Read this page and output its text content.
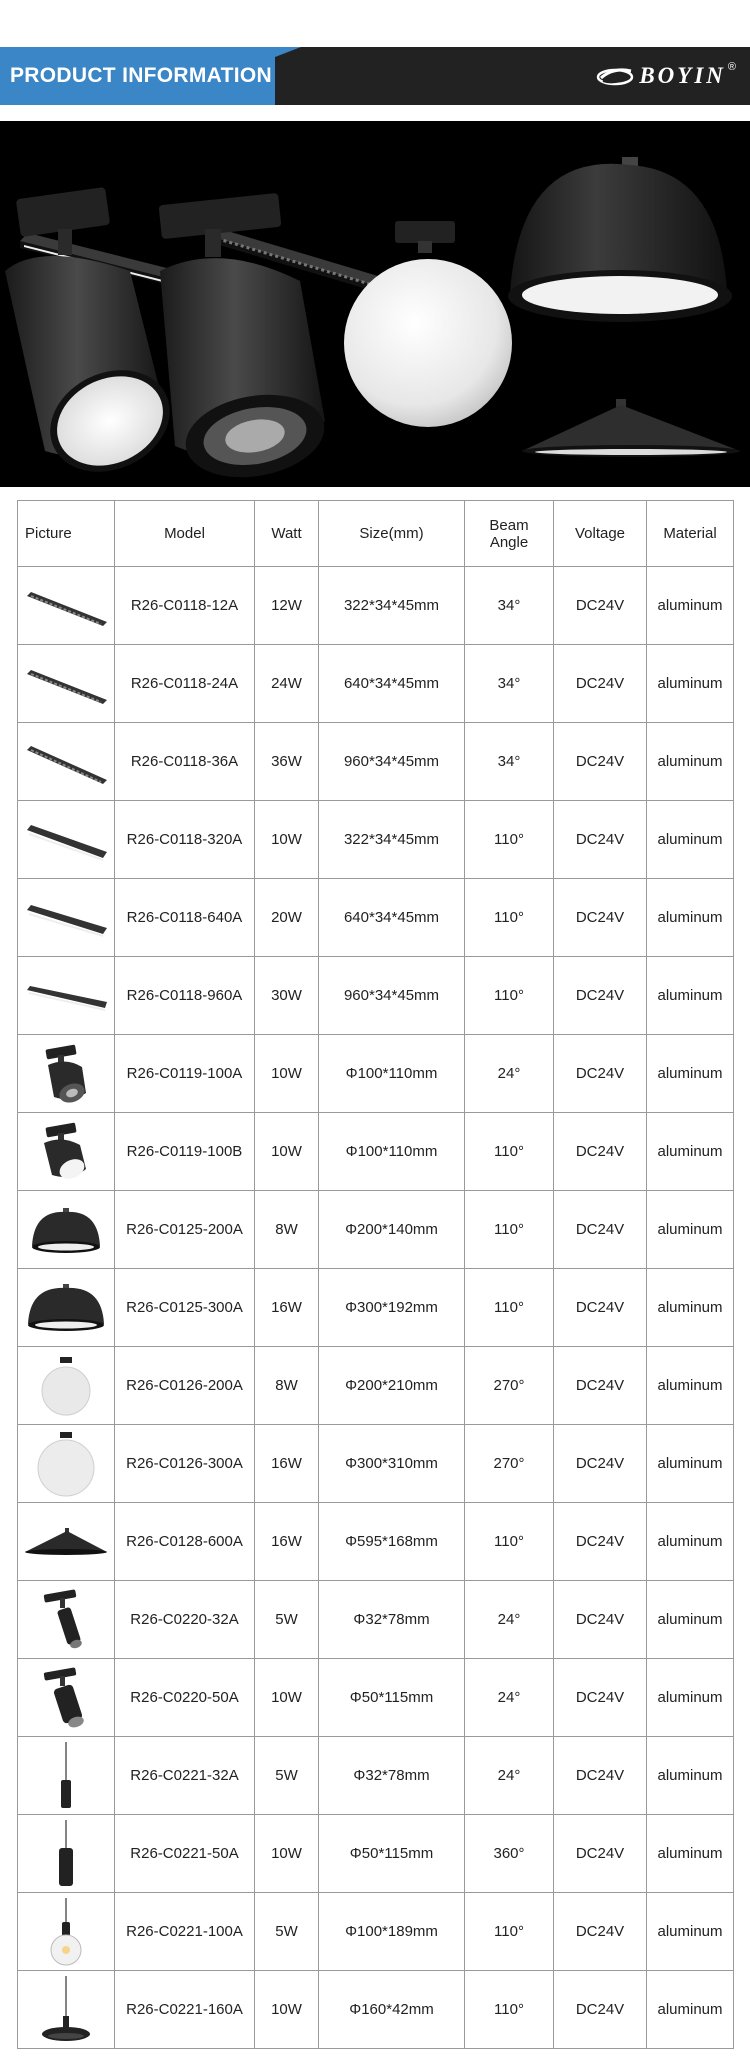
PRODUCT INFORMATION	BOYIN ®
Picture	Model	Watt	Size(mm)	Beam Angle	Voltage	Material

	R26-C0118-12A	12W	322*34*45mm	34°	DC24V	aluminum

	R26-C0118-24A	24W	640*34*45mm	34°	DC24V	aluminum

	R26-C0118-36A	36W	960*34*45mm	34°	DC24V	aluminum

	R26-C0118-320A	10W	322*34*45mm	110°	DC24V	aluminum

	R26-C0118-640A	20W	640*34*45mm	110°	DC24V	aluminum

	R26-C0118-960A	30W	960*34*45mm	110°	DC24V	aluminum

	R26-C0119-100A	10W	Φ100*110mm	24°	DC24V	aluminum

	R26-C0119-100B	10W	Φ100*110mm	110°	DC24V	aluminum

	R26-C0125-200A	8W	Φ200*140mm	110°	DC24V	aluminum

	R26-C0125-300A	16W	Φ300*192mm	110°	DC24V	aluminum

	R26-C0126-200A	8W	Φ200*210mm	270°	DC24V	aluminum

	R26-C0126-300A	16W	Φ300*310mm	270°	DC24V	aluminum

	R26-C0128-600A	16W	Φ595*168mm	110°	DC24V	aluminum

	R26-C0220-32A	5W	Φ32*78mm	24°	DC24V	aluminum

	R26-C0220-50A	10W	Φ50*115mm	24°	DC24V	aluminum

	R26-C0221-32A	5W	Φ32*78mm	24°	DC24V	aluminum

	R26-C0221-50A	10W	Φ50*115mm	360°	DC24V	aluminum

	R26-C0221-100A	5W	Φ100*189mm	110°	DC24V	aluminum

	R26-C0221-160A	10W	Φ160*42mm	110°	DC24V	aluminum
